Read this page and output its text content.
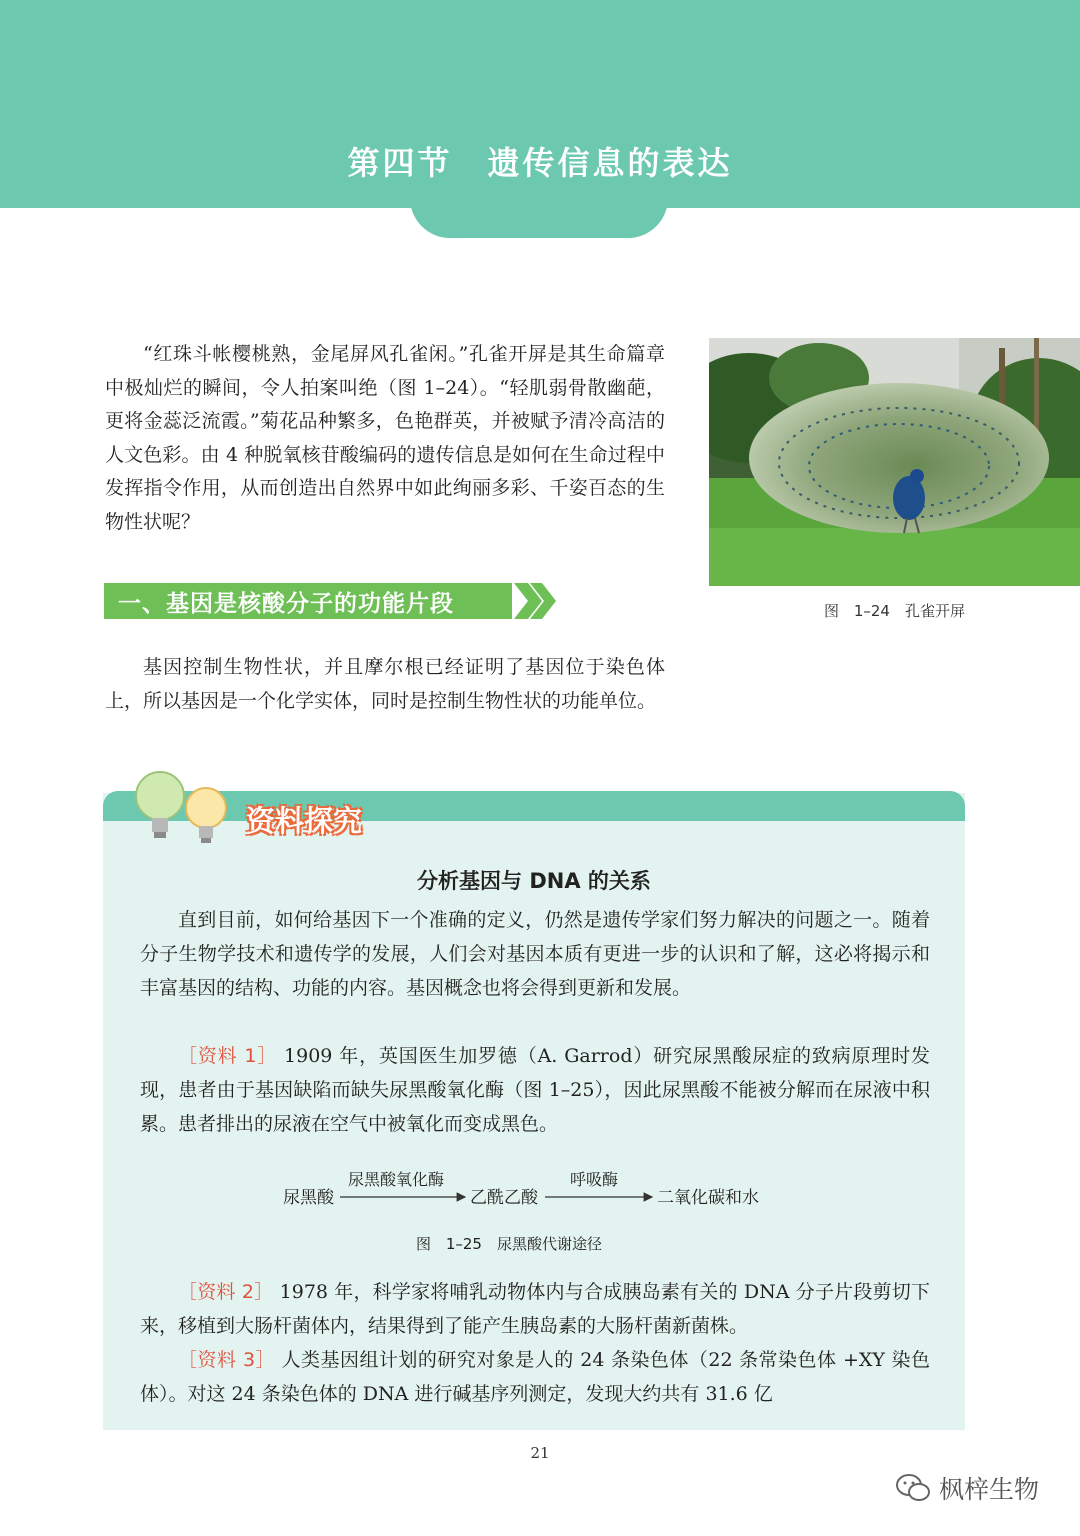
第四节　遗传信息的表达
“红珠斗帐樱桃熟，金尾屏风孔雀闲。”孔雀开屏是其生命篇章中极灿烂的瞬间，令人拍案叫绝（图 1–24）。“轻肌弱骨散幽葩，更将金蕊泛流霞。”菊花品种繁多，色艳群英，并被赋予清冷高洁的人文色彩。由 4 种脱氧核苷酸编码的遗传信息是如何在生命过程中发挥指令作用，从而创造出自然界中如此绚丽多彩、千姿百态的生物性状呢？
图 1–24　孔雀开屏
一、基因是核酸分子的功能片段
基因控制生物性状，并且摩尔根已经证明了基因位于染色体上，所以基因是一个化学实体，同时是控制生物性状的功能单位。
资料探究
分析基因与 DNA 的关系
直到目前，如何给基因下一个准确的定义，仍然是遗传学家们努力解决的问题之一。随着分子生物学技术和遗传学的发展，人们会对基因本质有更进一步的认识和了解，这必将揭示和丰富基因的结构、功能的内容。基因概念也将会得到更新和发展。
［资料 1］ 1909 年，英国医生加罗德（A. Garrod）研究尿黑酸尿症的致病原理时发现，患者由于基因缺陷而缺失尿黑酸氧化酶（图 1–25），因此尿黑酸不能被分解而在尿液中积累。患者排出的尿液在空气中被氧化而变成黑色。
尿黑酸
尿黑酸氧化酶
乙酰乙酸
呼吸酶
二氧化碳和水
图 1–25　尿黑酸代谢途径
［资料 2］ 1978 年，科学家将哺乳动物体内与合成胰岛素有关的 DNA 分子片段剪切下来，移植到大肠杆菌体内，结果得到了能产生胰岛素的大肠杆菌新菌株。
［资料 3］ 人类基因组计划的研究对象是人的 24 条染色体（22 条常染色体 +XY 染色体）。对这 24 条染色体的 DNA 进行碱基序列测定，发现大约共有 31.6 亿
21
枫梓生物
